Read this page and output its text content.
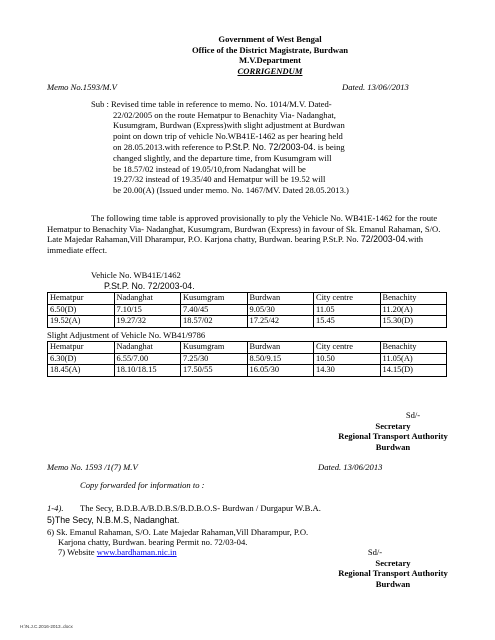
Government of West Bengal
Office of the District Magistrate, Burdwan
M.V.Department
CORRIGENDUM
Memo No.1593/M.V	Dated. 13/06//2013
Sub : Revised time table in reference to memo. No. 1014/M.V. Dated-
22/02/2005 on the route Hematpur to Benachity Via- Nadanghat,
Kusumgram, Burdwan (Express)with slight adjustment at Burdwan
point on down trip of vehicle No.WB41E-1462 as per hearing held
on 28.05.2013.with reference to P.St.P. No. 72/2003-04. is being
changed slightly, and the departure time, from Kusumgram will
be 18.57/02 instead of 19.05/10,from Nadanghat will be
19.27/32 instead of 19.35/40 and Hematpur will be 19.52 will
be 20.00(A) (Issued under memo. No. 1467/MV. Dated 28.05.2013.)
The following time table is approved provisionally to ply the Vehicle No. WB41E-1462 for the route
Hematpur to Benachity Via- Nadanghat, Kusumgram, Burdwan (Express) in favour of Sk. Emanul Rahaman, S/O.
Late Majedar Rahaman,Vill Dharampur, P.O. Karjona chatty, Burdwan. bearing P.St.P. No. 72/2003-04.with
immediate effect.
Vehicle No. WB41E/1462
P.St.P. No. 72/2003-04.
Hematpur	Nadanghat	Kusumgram	Burdwan	City centre	Benachity
6.50(D)	7.10/15	7.40/45	9.05/30	11.05	11.20(A)
19.52(A)	19.27/32	18.57/02	17.25/42	15.45	15.30(D)
Slight Adjustment of Vehicle No. WB41/9786
Hematpur	Nadanghat	Kusumgram	Burdwan	City centre	Benachity
6.30(D)	6.55/7.00	7.25/30	8.50/9.15	10.50	11.05(A)
18.45(A)	18.10/18.15	17.50/55	16.05/30	14.30	14.15(D)
Sd/-
Secretary
Regional Transport Authority
Burdwan
Memo No. 1593 /1(7) M.V	Dated. 13/06/2013
Copy forwarded for information to :
1-4). The Secy, B.D.B.A/B.D.B.S/B.D.B.O.S- Burdwan / Durgapur W.B.A.
5)The Secy, N.B.M.S, Nadanghat.
6) Sk. Emanul Rahaman, S/O. Late Majedar Rahaman,Vill Dharampur, P.O.
Karjona chatty, Burdwan. bearing Permit no. 72/03-04.
7) Website www.bardhaman.nic.in	Sd/-
Secretary
Regional Transport Authority
Burdwan
H:\N.J.C.2016-2013..docx
